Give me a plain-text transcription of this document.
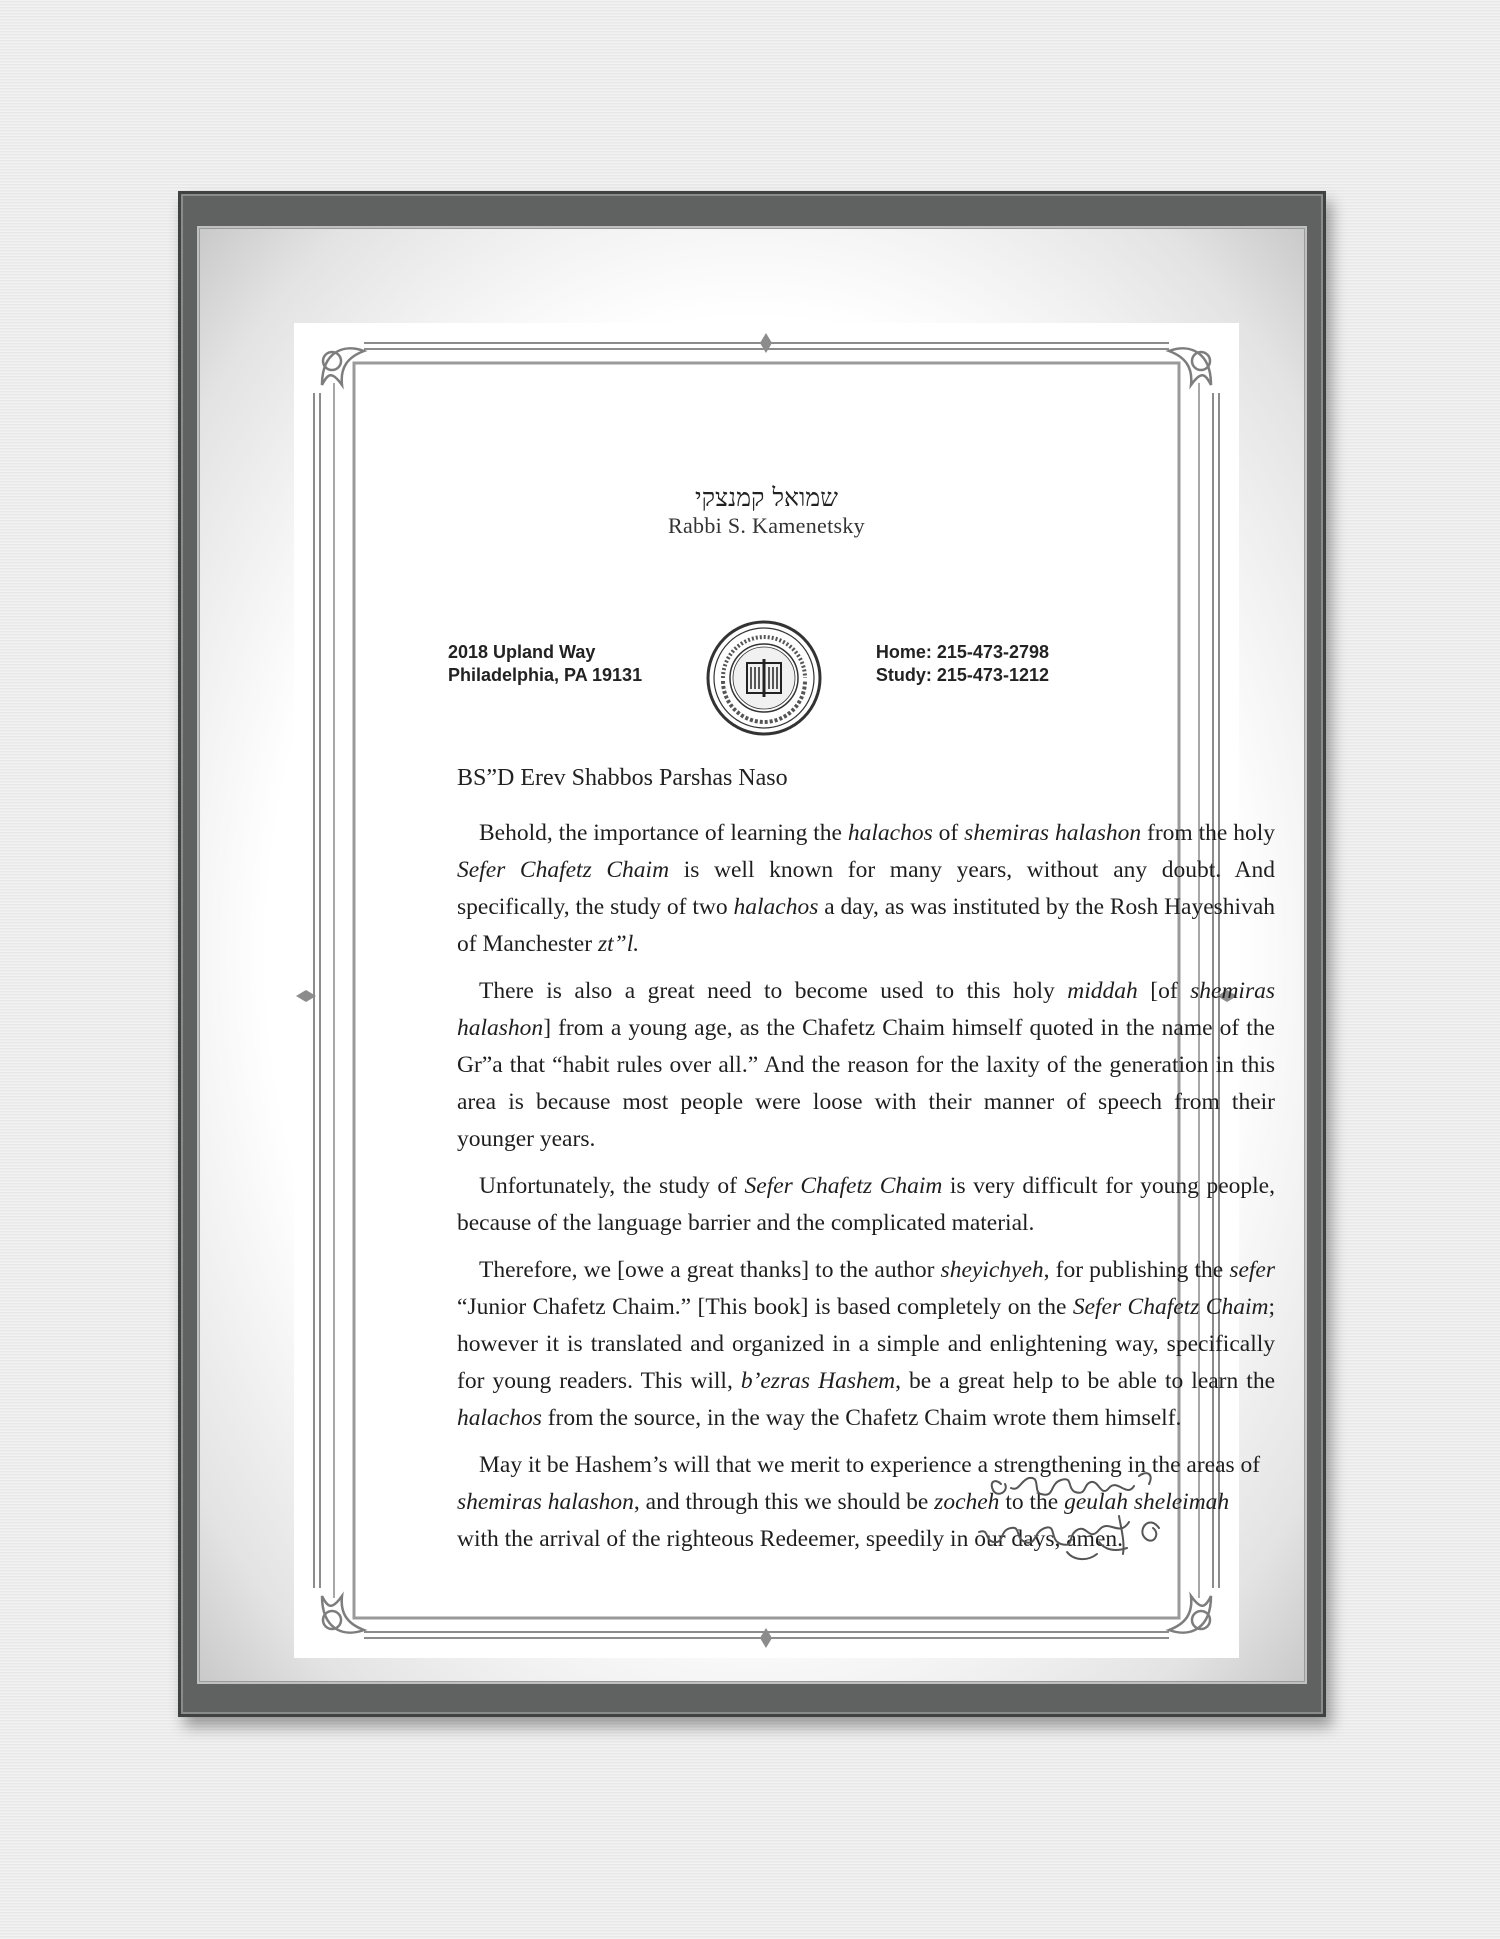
שמואל קמנצקי
Rabbi S. Kamenetsky
2018 Upland Way
Philadelphia, PA 19131
Home: 215-473-2798
Study: 215-473-1212
BS”D Erev Shabbos Parshas Naso

Behold, the importance of learning the halachos of shemiras halashon from the holy Sefer Chafetz Chaim is well known for many years, without any doubt. And specifically, the study of two halachos a day, as was instituted by the Rosh Hayeshivah of Manchester zt”l.

There is also a great need to become used to this holy middah [of shemiras halashon] from a young age, as the Chafetz Chaim himself quoted in the name of the Gr”a that “habit rules over all.” And the reason for the laxity of the generation in this area is because most people were loose with their manner of speech from their younger years.

Unfortunately, the study of Sefer Chafetz Chaim is very difficult for young people, because of the language barrier and the complicated material.

Therefore, we [owe a great thanks] to the author sheyichyeh, for publishing the sefer “Junior Chafetz Chaim.” [This book] is based completely on the Sefer Chafetz Chaim; however it is translated and organized in a simple and enlightening way, specifically for young readers. This will, b’ezras Hashem, be a great help to be able to learn the halachos from the source, in the way the Chafetz Chaim wrote them himself.

May it be Hashem’s will that we merit to experience a strengthening in the areas of shemiras halashon, and through this we should be zocheh to the geulah sheleimah with the arrival of the righteous Redeemer, speedily in our days, amen.
